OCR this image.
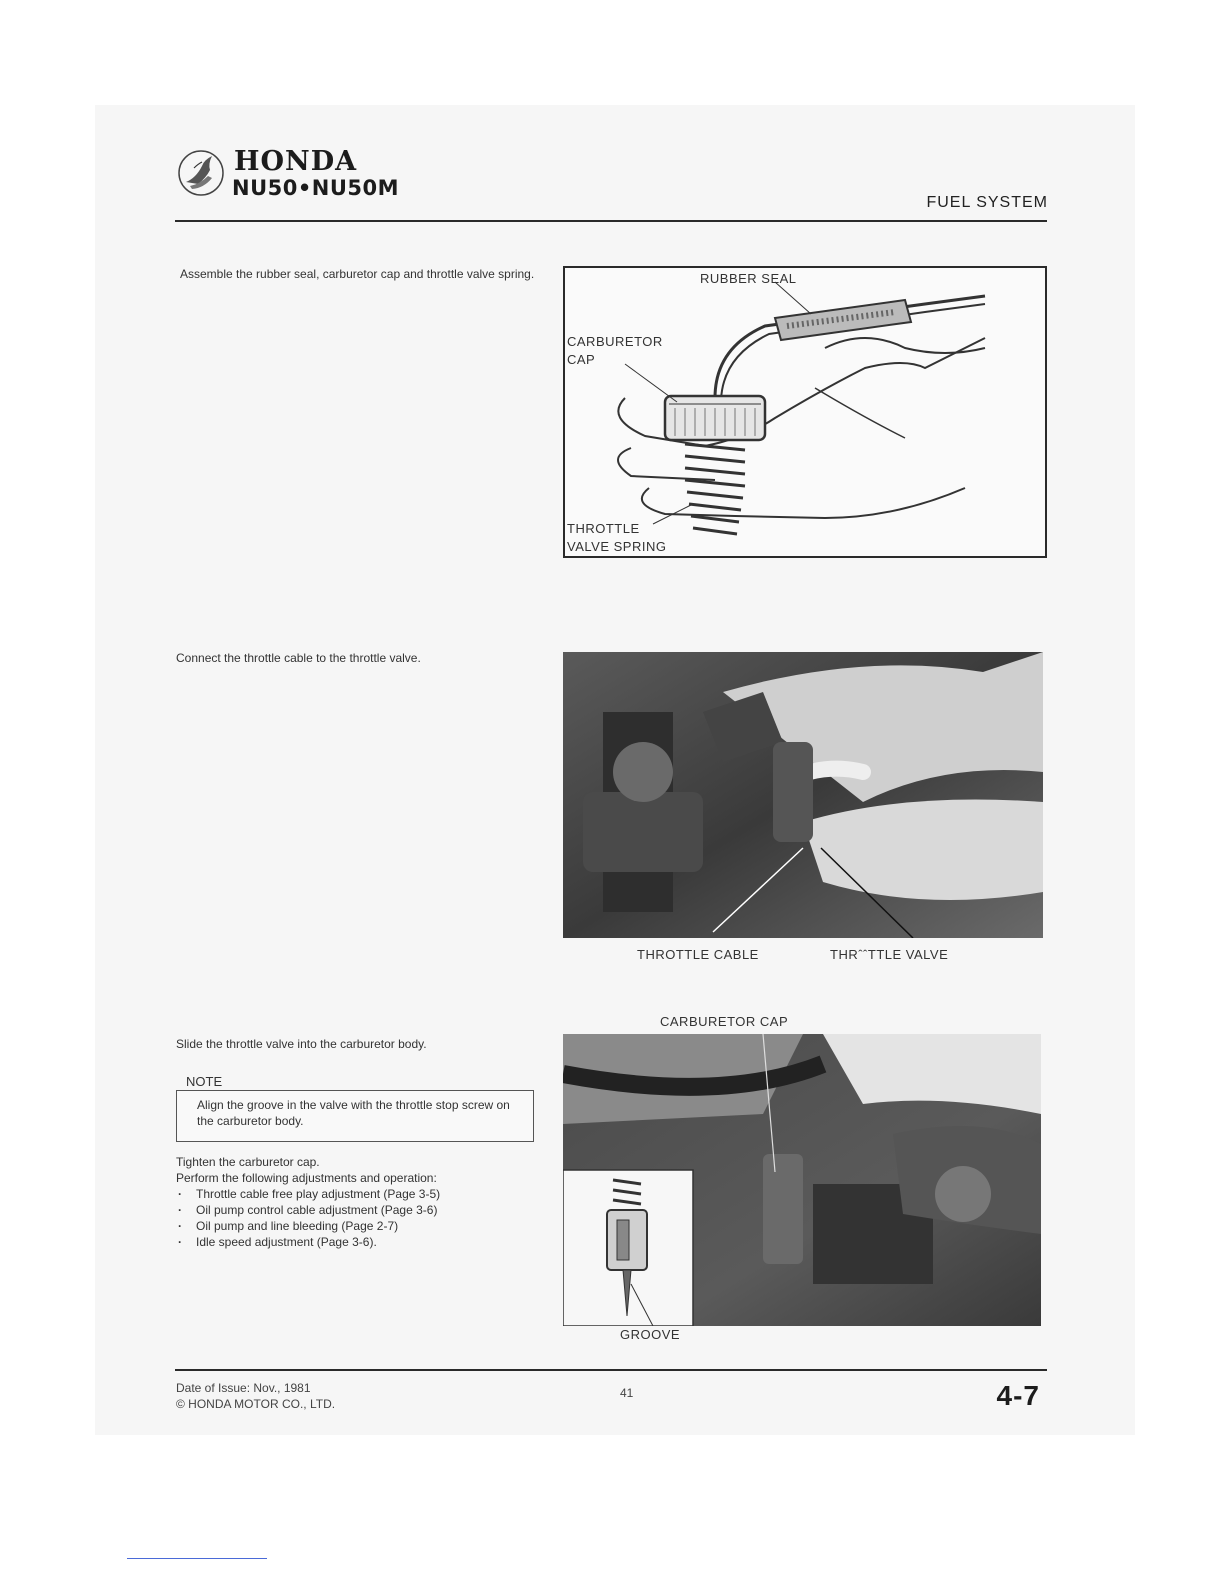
HONDA
NU50•NU50M
FUEL SYSTEM
Assemble the rubber seal, carburetor cap and throttle valve spring.	RUBBER SEAL
CARBURETOR
CAP
THROTTLE
VALVE SPRING
Connect the throttle cable to the throttle valve.
THROTTLE CABLE	THRˆˆTTLE VALVE
CARBURETOR CAP
Slide the throttle valve into the carburetor body.
NOTE
Align the groove in the valve with the throttle stop screw on the carburetor body.
Tighten the carburetor cap.
Perform the following adjustments and operation:
· Throttle cable free play adjustment (Page 3-5)
· Oil pump control cable adjustment (Page 3-6)
· Oil pump and line bleeding (Page 2-7)
· Idle speed adjustment (Page 3-6).
GROOVE
Date of Issue: Nov., 1981
© HONDA MOTOR CO., LTD.
41	4-7
